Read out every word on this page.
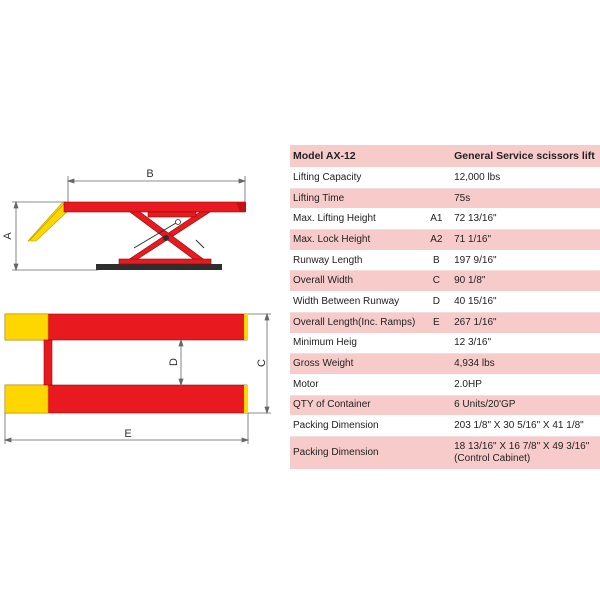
B
A
D	C
E
Model AX-12		General Service scissors lift
Lifting Capacity		12,000 lbs
Lifting Time		75s
Max. Lifting Height	A1	72 13/16"
Max. Lock Height	A2	71 1/16"
Runway Length	B	197 9/16"
Overall Width	C	90 1/8"
Width Between Runway	D	40 15/16"
Overall Length(Inc. Ramps)	E	267 1/16"
Minimum Heig		12 3/16"
Gross Weight		4,934 lbs
Motor		2.0HP
QTY of Container		6 Units/20'GP
Packing Dimension		203 1/8" X 30 5/16" X 41 1/8"
Packing Dimension		18 13/16" X 16 7/8" X 49 3/16"
(Control Cabinet)
